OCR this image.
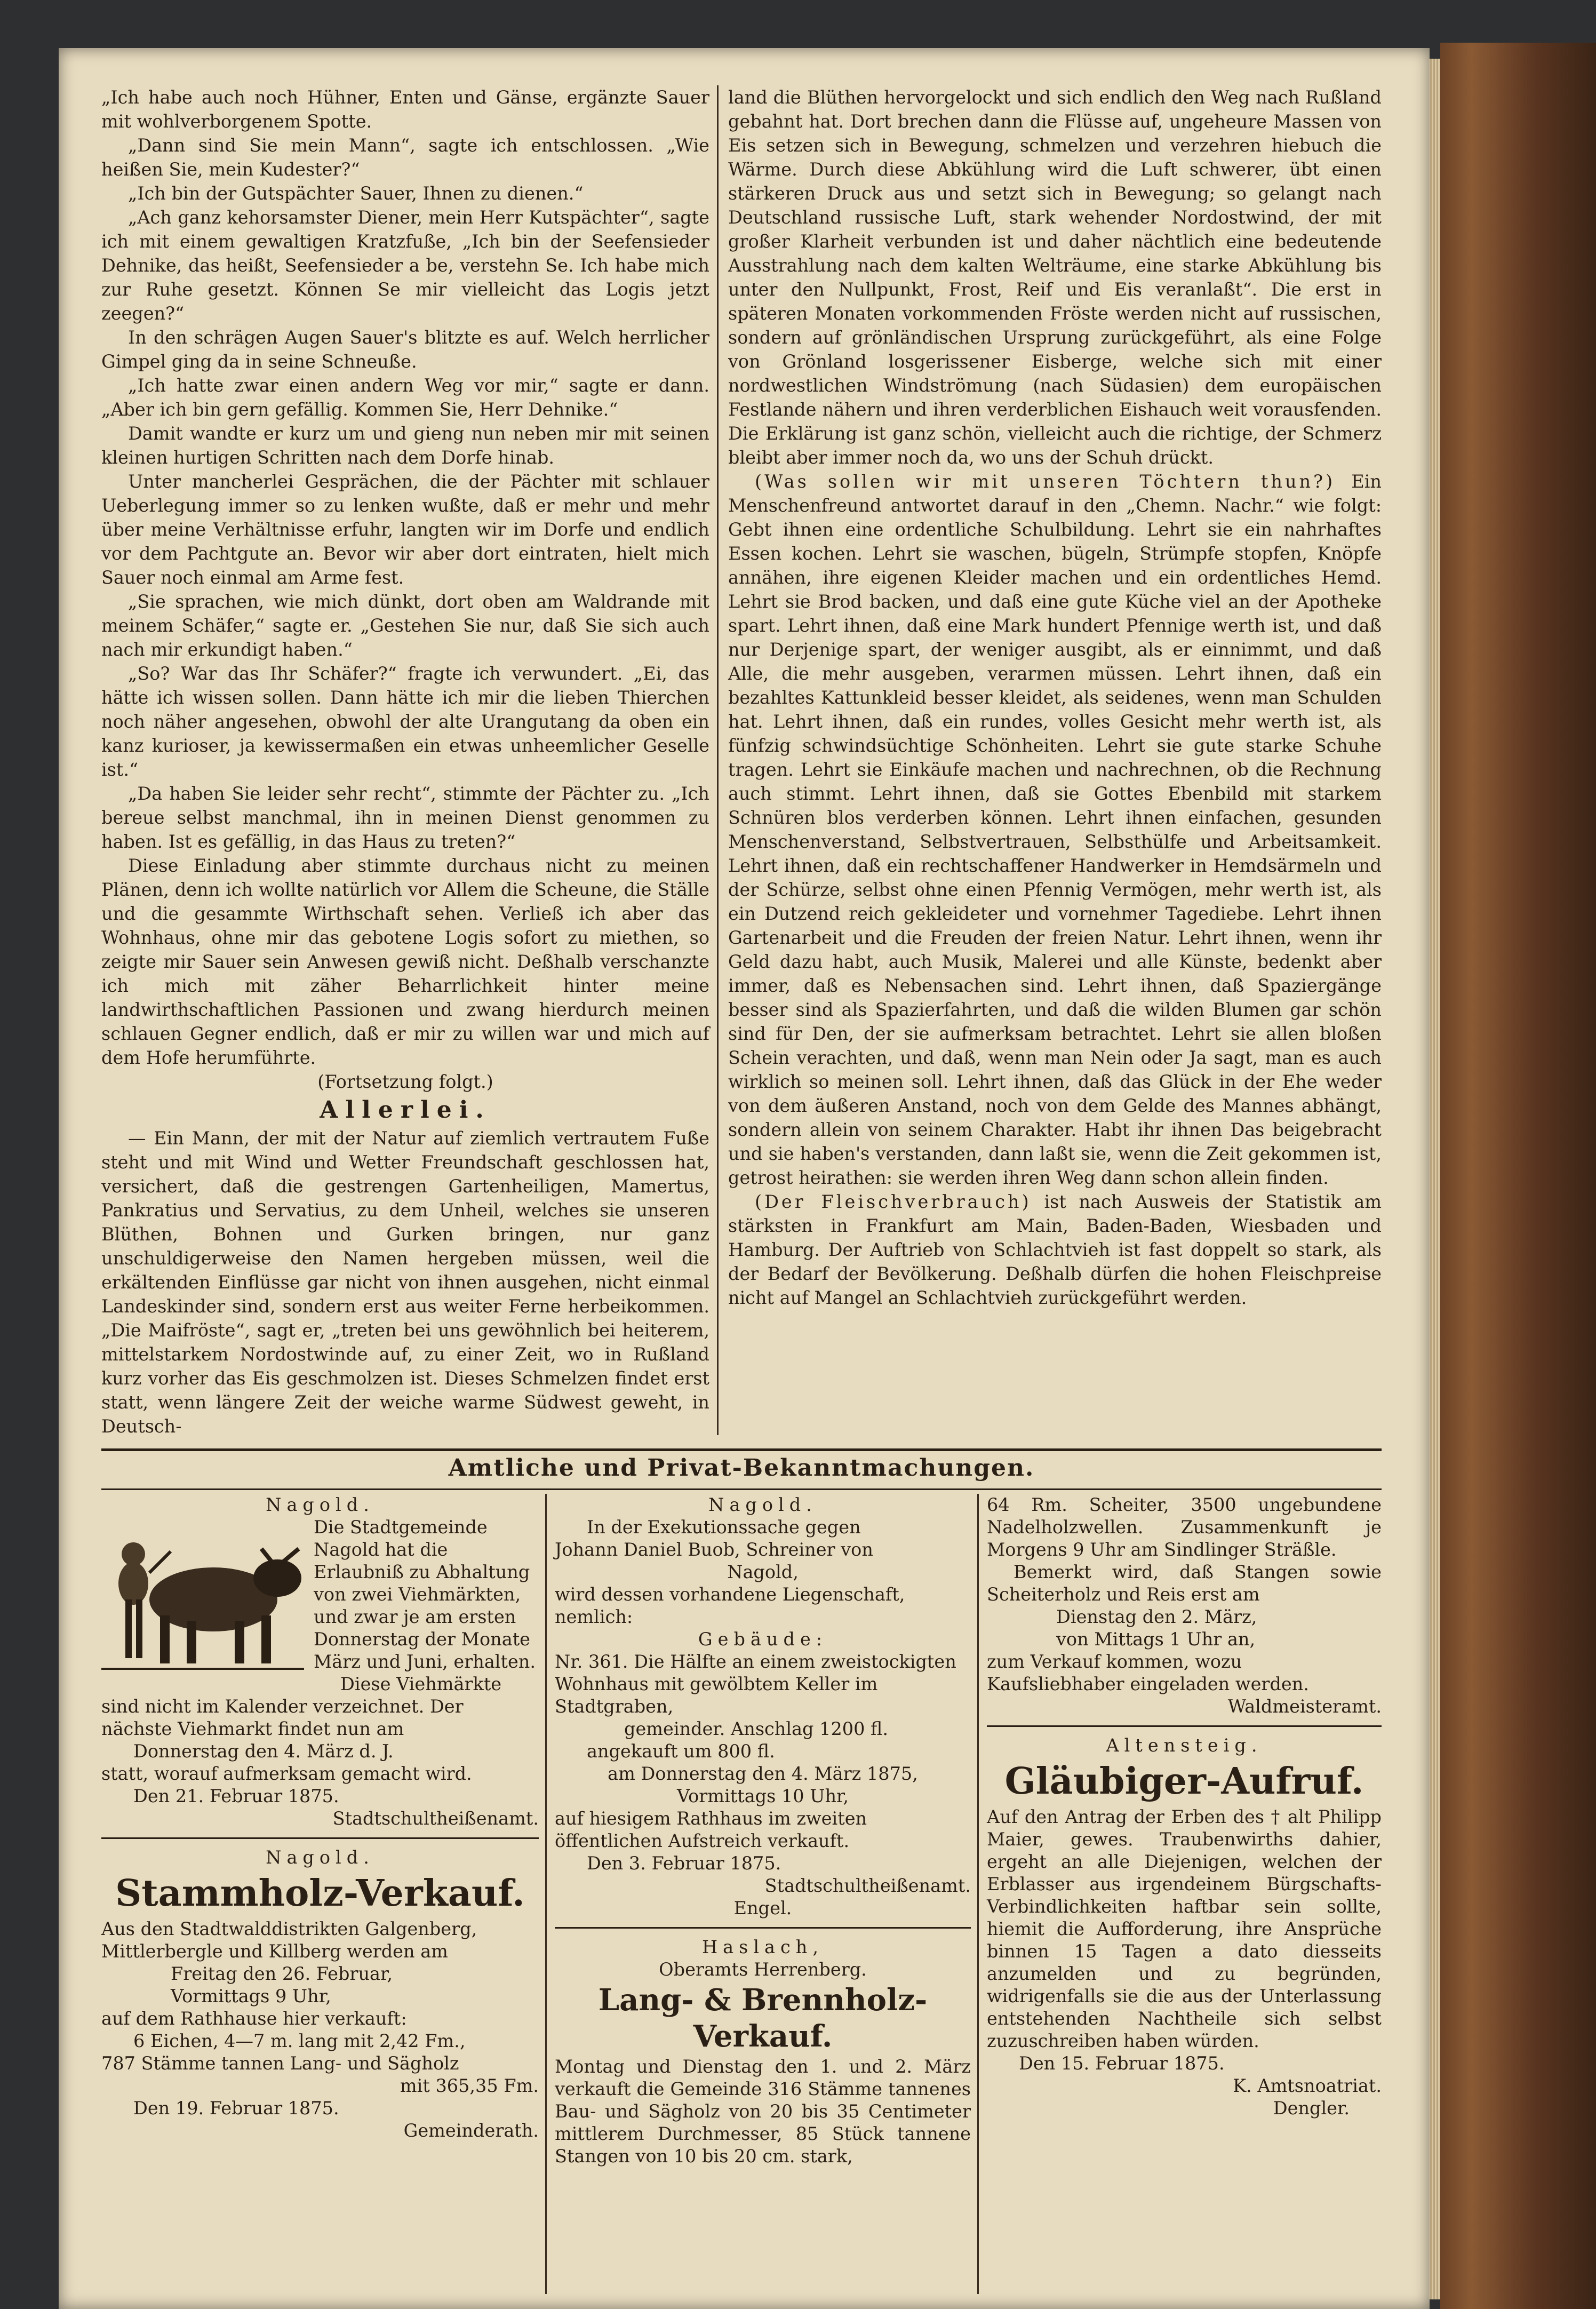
„Ich habe auch noch Hühner, Enten und Gänse, ergänzte Sauer mit wohlverborgenem Spotte.

„Dann sind Sie mein Mann“, sagte ich entschlossen. „Wie heißen Sie, mein Kudester?“

„Ich bin der Gutspächter Sauer, Ihnen zu dienen.“

„Ach ganz kehorsamster Diener, mein Herr Kutspächter“, sagte ich mit einem gewaltigen Kratzfuße, „Ich bin der Seefensieder Dehnike, das heißt, Seefensieder a be, verstehn Se. Ich habe mich zur Ruhe gesetzt. Können Se mir vielleicht das Logis jetzt zeegen?“

In den schrägen Augen Sauer's blitzte es auf. Welch herrlicher Gimpel ging da in seine Schneuße.

„Ich hatte zwar einen andern Weg vor mir,“ sagte er dann. „Aber ich bin gern gefällig. Kommen Sie, Herr Dehnike.“

Damit wandte er kurz um und gieng nun neben mir mit seinen kleinen hurtigen Schritten nach dem Dorfe hinab.

Unter mancherlei Gesprächen, die der Pächter mit schlauer Ueberlegung immer so zu lenken wußte, daß er mehr und mehr über meine Verhältnisse erfuhr, langten wir im Dorfe und endlich vor dem Pachtgute an. Bevor wir aber dort eintraten, hielt mich Sauer noch einmal am Arme fest.

„Sie sprachen, wie mich dünkt, dort oben am Waldrande mit meinem Schäfer,“ sagte er. „Gestehen Sie nur, daß Sie sich auch nach mir erkundigt haben.“

„So? War das Ihr Schäfer?“ fragte ich verwundert. „Ei, das hätte ich wissen sollen. Dann hätte ich mir die lieben Thierchen noch näher angesehen, obwohl der alte Urangutang da oben ein kanz kurioser, ja kewissermaßen ein etwas unheemlicher Geselle ist.“

„Da haben Sie leider sehr recht“, stimmte der Pächter zu. „Ich bereue selbst manchmal, ihn in meinen Dienst genommen zu haben. Ist es gefällig, in das Haus zu treten?“

Diese Einladung aber stimmte durchaus nicht zu meinen Plänen, denn ich wollte natürlich vor Allem die Scheune, die Ställe und die gesammte Wirthschaft sehen. Verließ ich aber das Wohnhaus, ohne mir das gebotene Logis sofort zu miethen, so zeigte mir Sauer sein Anwesen gewiß nicht. Deßhalb verschanzte ich mich mit zäher Beharrlichkeit hinter meine landwirthschaftlichen Passionen und zwang hierdurch meinen schlauen Gegner endlich, daß er mir zu willen war und mich auf dem Hofe herumführte.

(Fortsetzung folgt.)

Allerlei.

— Ein Mann, der mit der Natur auf ziemlich vertrautem Fuße steht und mit Wind und Wetter Freundschaft geschlossen hat, versichert, daß die gestrengen Gartenheiligen, Mamertus, Pankratius und Servatius, zu dem Unheil, welches sie unseren Blüthen, Bohnen und Gurken bringen, nur ganz unschuldigerweise den Namen hergeben müssen, weil die erkältenden Einflüsse gar nicht von ihnen ausgehen, nicht einmal Landeskinder sind, sondern erst aus weiter Ferne herbeikommen. „Die Maifröste“, sagt er, „treten bei uns gewöhnlich bei heiterem, mittelstarkem Nordostwinde auf, zu einer Zeit, wo in Rußland kurz vorher das Eis geschmolzen ist. Dieses Schmelzen findet erst statt, wenn längere Zeit der weiche warme Südwest geweht, in Deutsch-

land die Blüthen hervorgelockt und sich endlich den Weg nach Rußland gebahnt hat. Dort brechen dann die Flüsse auf, ungeheure Massen von Eis setzen sich in Bewegung, schmelzen und verzehren hiebuch die Wärme. Durch diese Abkühlung wird die Luft schwerer, übt einen stärkeren Druck aus und setzt sich in Bewegung; so gelangt nach Deutschland russische Luft, stark wehender Nordostwind, der mit großer Klarheit verbunden ist und daher nächtlich eine bedeutende Ausstrahlung nach dem kalten Welträume, eine starke Abkühlung bis unter den Nullpunkt, Frost, Reif und Eis veranlaßt“. Die erst in späteren Monaten vorkommenden Fröste werden nicht auf russischen, sondern auf grönländischen Ursprung zurückgeführt, als eine Folge von Grönland losgerissener Eisberge, welche sich mit einer nordwestlichen Windströmung (nach Südasien) dem europäischen Festlande nähern und ihren verderblichen Eishauch weit vorausfenden. Die Erklärung ist ganz schön, vielleicht auch die richtige, der Schmerz bleibt aber immer noch da, wo uns der Schuh drückt.

(Was sollen wir mit unseren Töchtern thun?) Ein Menschenfreund antwortet darauf in den „Chemn. Nachr.“ wie folgt: Gebt ihnen eine ordentliche Schulbildung. Lehrt sie ein nahrhaftes Essen kochen. Lehrt sie waschen, bügeln, Strümpfe stopfen, Knöpfe annähen, ihre eigenen Kleider machen und ein ordentliches Hemd. Lehrt sie Brod backen, und daß eine gute Küche viel an der Apotheke spart. Lehrt ihnen, daß eine Mark hundert Pfennige werth ist, und daß nur Derjenige spart, der weniger ausgibt, als er einnimmt, und daß Alle, die mehr ausgeben, verarmen müssen. Lehrt ihnen, daß ein bezahltes Kattunkleid besser kleidet, als seidenes, wenn man Schulden hat. Lehrt ihnen, daß ein rundes, volles Gesicht mehr werth ist, als fünfzig schwindsüchtige Schönheiten. Lehrt sie gute starke Schuhe tragen. Lehrt sie Einkäufe machen und nachrechnen, ob die Rechnung auch stimmt. Lehrt ihnen, daß sie Gottes Ebenbild mit starkem Schnüren blos verderben können. Lehrt ihnen einfachen, gesunden Menschenverstand, Selbstvertrauen, Selbsthülfe und Arbeitsamkeit. Lehrt ihnen, daß ein rechtschaffener Handwerker in Hemdsärmeln und der Schürze, selbst ohne einen Pfennig Vermögen, mehr werth ist, als ein Dutzend reich gekleideter und vornehmer Tagediebe. Lehrt ihnen Gartenarbeit und die Freuden der freien Natur. Lehrt ihnen, wenn ihr Geld dazu habt, auch Musik, Malerei und alle Künste, bedenkt aber immer, daß es Nebensachen sind. Lehrt ihnen, daß Spaziergänge besser sind als Spazierfahrten, und daß die wilden Blumen gar schön sind für Den, der sie aufmerksam betrachtet. Lehrt sie allen bloßen Schein verachten, und daß, wenn man Nein oder Ja sagt, man es auch wirklich so meinen soll. Lehrt ihnen, daß das Glück in der Ehe weder von dem äußeren Anstand, noch von dem Gelde des Mannes abhängt, sondern allein von seinem Charakter. Habt ihr ihnen Das beigebracht und sie haben's verstanden, dann laßt sie, wenn die Zeit gekommen ist, getrost heirathen: sie werden ihren Weg dann schon allein finden.

(Der Fleischverbrauch) ist nach Ausweis der Statistik am stärksten in Frankfurt am Main, Baden-Baden, Wiesbaden und Hamburg. Der Auftrieb von Schlachtvieh ist fast doppelt so stark, als der Bedarf der Bevölkerung. Deßhalb dürfen die hohen Fleischpreise nicht auf Mangel an Schlachtvieh zurückgeführt werden.

Amtliche und Privat-Bekanntmachungen.

Nagold.

Die Stadtgemeinde Nagold hat die Erlaubniß zu Abhaltung von zwei Viehmärkten, und zwar je am ersten Donnerstag der Monate März und Juni, erhalten.

Diese Viehmärkte sind nicht im Kalender verzeichnet. Der nächste Viehmarkt findet nun am

Donnerstag den 4. März d. J.

statt, worauf aufmerksam gemacht wird.

Den 21. Februar 1875.

Stadtschultheißenamt.

Nagold.

Stammholz-Verkauf.

Aus den Stadtwalddistrikten Galgenberg, Mittlerbergle und Killberg werden am

Freitag den 26. Februar,

Vormittags 9 Uhr,

auf dem Rathhause hier verkauft:

6 Eichen, 4—7 m. lang mit 2,42 Fm.,

787 Stämme tannen Lang- und Sägholz

mit 365,35 Fm.

Den 19. Februar 1875.

Gemeinderath.

Nagold.

In der Exekutionssache gegen

Johann Daniel Buob, Schreiner von

Nagold,

wird dessen vorhandene Liegenschaft, nemlich:

Gebäude:

Nr. 361. Die Hälfte an einem zweistockigten Wohnhaus mit gewölbtem Keller im Stadtgraben,

gemeinder. Anschlag 1200 fl.

angekauft um 800 fl.

am Donnerstag den 4. März 1875,

Vormittags 10 Uhr,

auf hiesigem Rathhaus im zweiten öffentlichen Aufstreich verkauft.

Den 3. Februar 1875.

Stadtschultheißenamt.

Engel.

Haslach,

Oberamts Herrenberg.

Lang- & Brennholz-

Verkauf.

Montag und Dienstag den 1. und 2. März verkauft die Gemeinde 316 Stämme tannenes Bau- und Sägholz von 20 bis 35 Centimeter mittlerem Durchmesser, 85 Stück tannene Stangen von 10 bis 20 cm. stark,

64 Rm. Scheiter, 3500 ungebundene Nadelholzwellen. Zusammenkunft je Morgens 9 Uhr am Sindlinger Sträßle.

Bemerkt wird, daß Stangen sowie Scheiterholz und Reis erst am

Dienstag den 2. März,

von Mittags 1 Uhr an,

zum Verkauf kommen, wozu Kaufsliebhaber eingeladen werden.

Waldmeisteramt.

Altensteig.

Gläubiger-Aufruf.

Auf den Antrag der Erben des † alt Philipp Maier, gewes. Traubenwirths dahier, ergeht an alle Diejenigen, welchen der Erblasser aus irgendeinem Bürgschafts-Verbindlichkeiten haftbar sein sollte, hiemit die Aufforderung, ihre Ansprüche binnen 15 Tagen a dato diesseits anzumelden und zu begründen, widrigenfalls sie die aus der Unterlassung entstehenden Nachtheile sich selbst zuzuschreiben haben würden.

Den 15. Februar 1875.

K. Amtsnoatriat.

Dengler.
